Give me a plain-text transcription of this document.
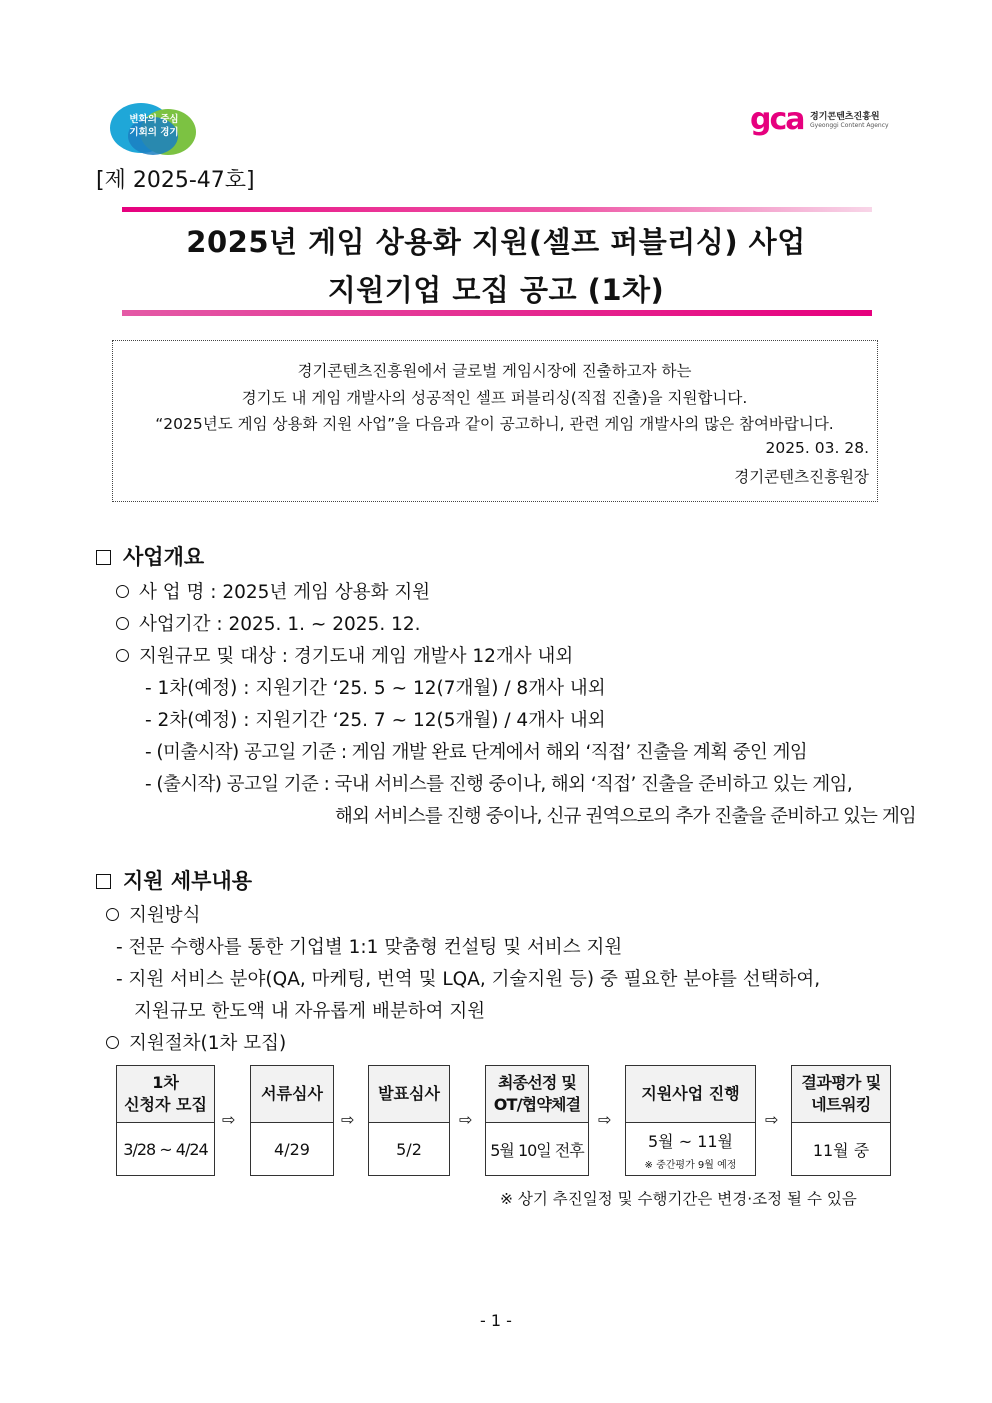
변화의 중심
기회의 경기	gca 경기콘텐츠진흥원
Gyeonggi Content Agency
[제 2025-47호]
2025년 게임 상용화 지원(셀프 퍼블리싱) 사업
지원기업 모집 공고 (1차)
경기콘텐츠진흥원에서 글로벌 게임시장에 진출하고자 하는
경기도 내 게임 개발사의 성공적인 셀프 퍼블리싱(직접 진출)을 지원합니다.
“2025년도 게임 상용화 지원 사업”을 다음과 같이 공고하니, 관련 게임 개발사의 많은 참여바랍니다.
2025. 03. 28.
경기콘텐츠진흥원장
사업개요
사 업 명 : 2025년 게임 상용화 지원
사업기간 : 2025. 1. ~ 2025. 12.
지원규모 및 대상 : 경기도내 게임 개발사 12개사 내외
- 1차(예정) : 지원기간 ‘25. 5 ~ 12(7개월) / 8개사 내외
- 2차(예정) : 지원기간 ‘25. 7 ~ 12(5개월) / 4개사 내외
- (미출시작) 공고일 기준 : 게임 개발 완료 단계에서 해외 ‘직접’ 진출을 계획 중인 게임
- (출시작) 공고일 기준 : 국내 서비스를 진행 중이나, 해외 ‘직접’ 진출을 준비하고 있는 게임,
해외 서비스를 진행 중이나, 신규 권역으로의 추가 진출을 준비하고 있는 게임
지원 세부내용
지원방식
- 전문 수행사를 통한 기업별 1:1 맞춤형 컨설팅 및 서비스 지원
- 지원 서비스 분야(QA, 마케팅, 번역 및 LQA, 기술지원 등) 중 필요한 분야를 선택하여,
지원규모 한도액 내 자유롭게 배분하여 지원
지원절차(1차 모집)
1차
신청자 모집
3/28 ~ 4/24
⇨
서류심사
4/29
⇨
발표심사
5/2
⇨
최종선정 및
OT/협약체결
5월 10일 전후
⇨
지원사업 진행
5월 ~ 11월
※ 중간평가 9월 예정
⇨
결과평가 및
네트워킹
11월 중
※ 상기 추진일정 및 수행기간은 변경·조정 될 수 있음
- 1 -
